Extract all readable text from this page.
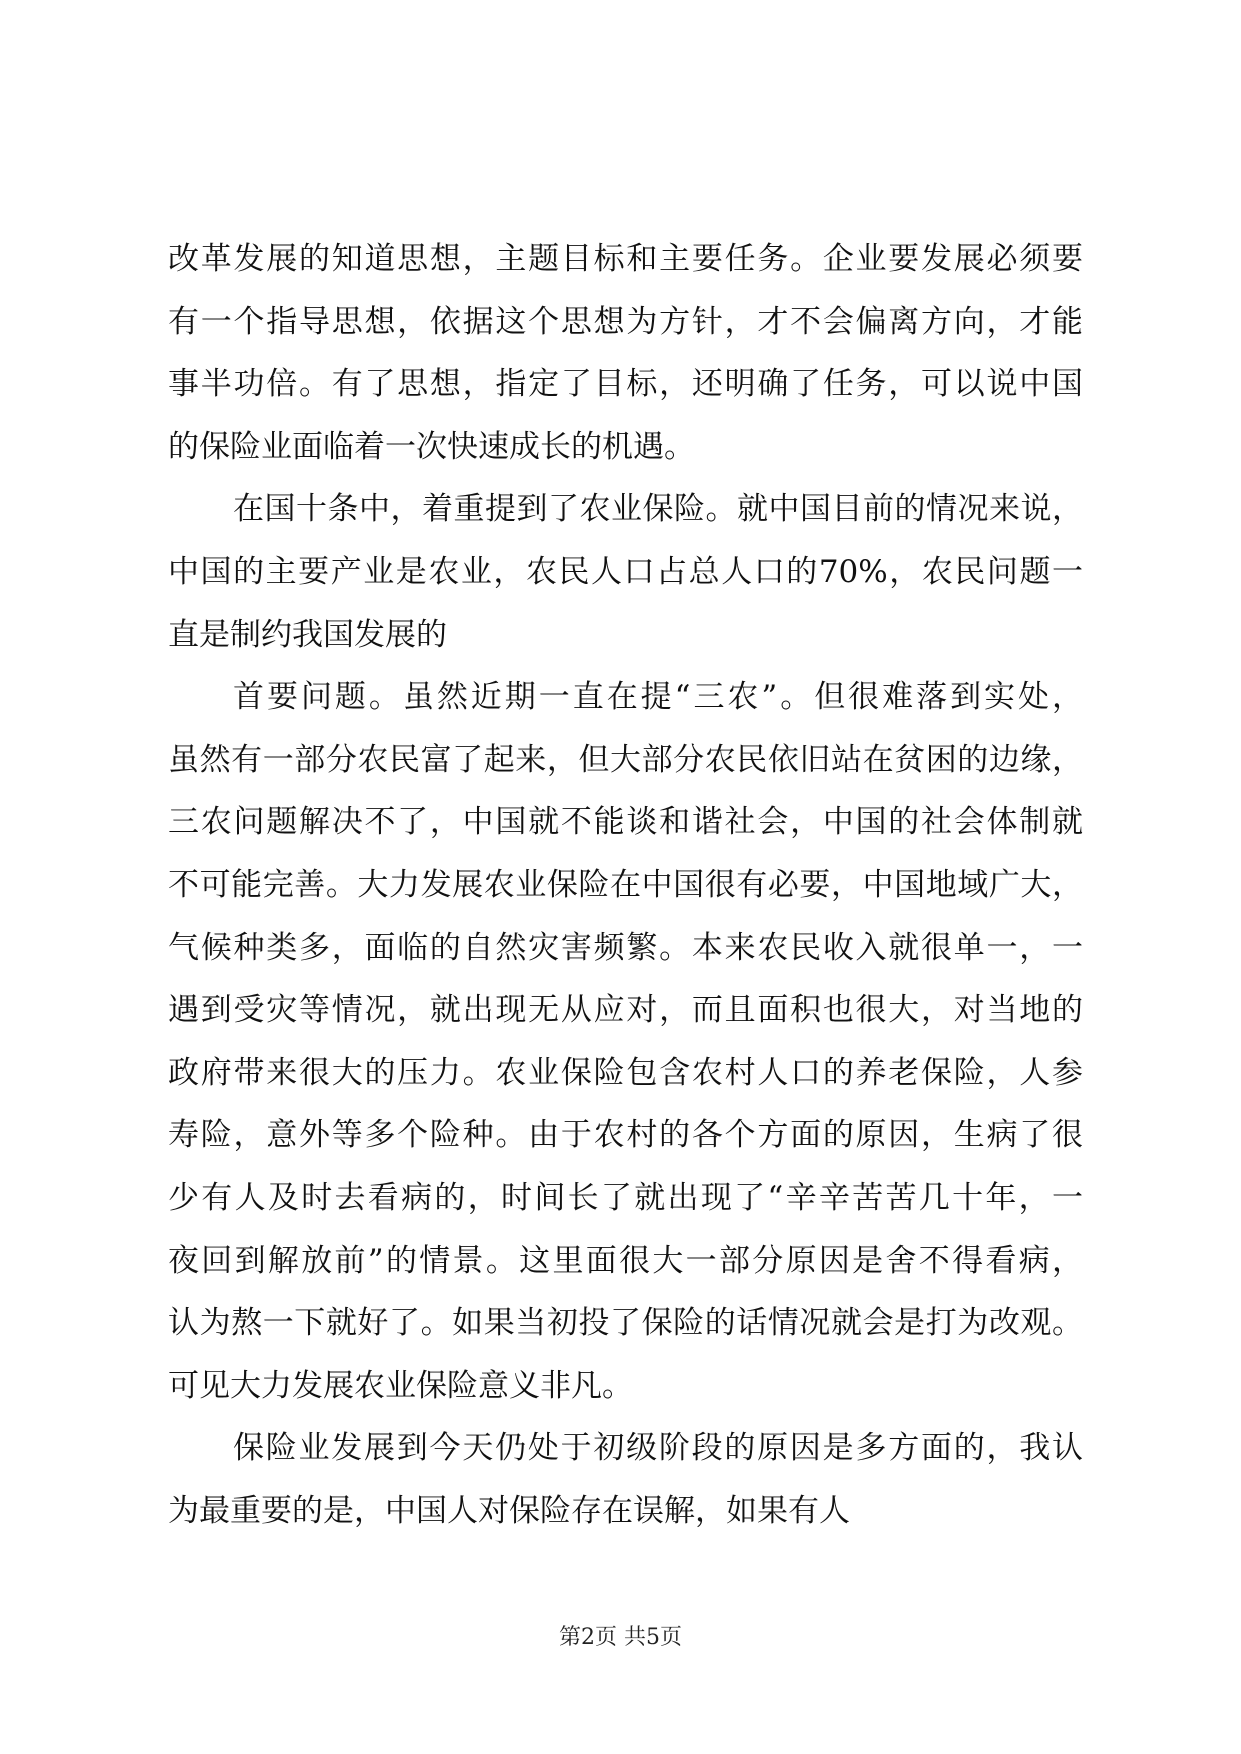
改革发展的知道思想，主题目标和主要任务。企业要发展必须要
有一个指导思想，依据这个思想为方针，才不会偏离方向，才能
事半功倍。有了思想，指定了目标，还明确了任务，可以说中国
的保险业面临着一次快速成长的机遇。
在国十条中，着重提到了农业保险。就中国目前的情况来说，
中国的主要产业是农业，农民人口占总人口的70%，农民问题一
直是制约我国发展的
首要问题。虽然近期一直在提“三农”。但很难落到实处，
虽然有一部分农民富了起来，但大部分农民依旧站在贫困的边缘，
三农问题解决不了，中国就不能谈和谐社会，中国的社会体制就
不可能完善。大力发展农业保险在中国很有必要，中国地域广大，
气候种类多，面临的自然灾害频繁。本来农民收入就很单一，一
遇到受灾等情况，就出现无从应对，而且面积也很大，对当地的
政府带来很大的压力。农业保险包含农村人口的养老保险，人参
寿险，意外等多个险种。由于农村的各个方面的原因，生病了很
少有人及时去看病的，时间长了就出现了“辛辛苦苦几十年，一
夜回到解放前”的情景。这里面很大一部分原因是舍不得看病，
认为熬一下就好了。如果当初投了保险的话情况就会是打为改观。
可见大力发展农业保险意义非凡。
保险业发展到今天仍处于初级阶段的原因是多方面的，我认
为最重要的是，中国人对保险存在误解，如果有人
第2页 共5页
